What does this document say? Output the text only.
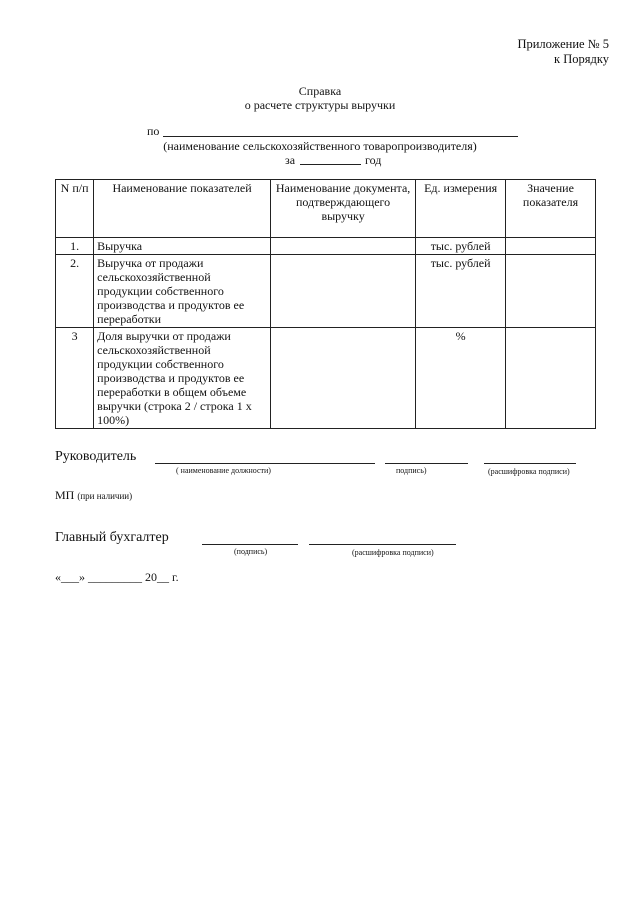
Приложение № 5
к Порядку
Справка
о расчете структуры выручки
по
(наименование сельскохозяйственного товаропроизводителя)
за	год
N п/п	Наименование показателей	Наименование документа, подтверждающего выручку	Ед. измерения	Значение показателя
1.	Выручка		тыс. рублей	
2.	Выручка от продажи сельскохозяйственной продукции собственного производства и продуктов ее переработки		тыс. рублей	
3	Доля выручки от продажи сельскохозяйственной продукции собственного производства и продуктов ее переработки в общем объеме выручки (строка 2 / строка 1 х 100%)		%	
Руководитель
( наименование должности)	подпись)	(расшифровка подписи)
МП (при наличии)
Главный бухгалтер
(подпись)	(расшифровка подписи)
«___» _________ 20__ г.
